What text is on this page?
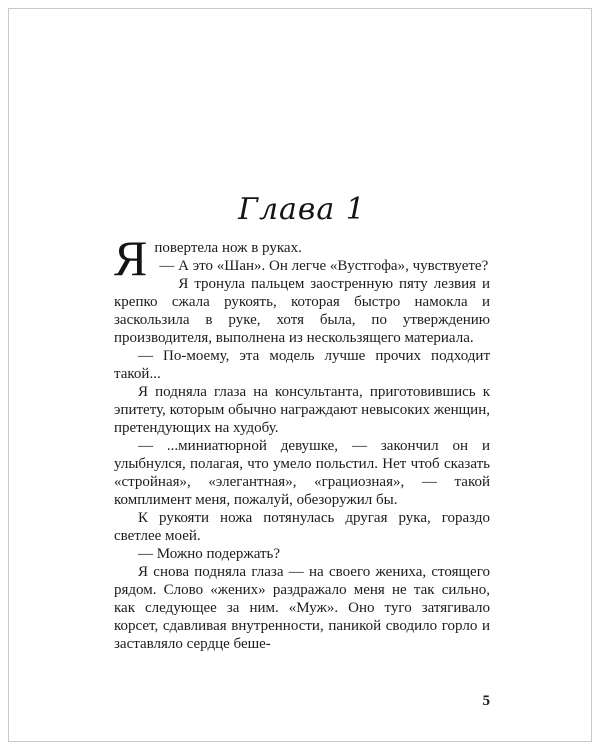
Глава 1

Яповертела нож в руках.

— А это «Шан». Он легче «Вустгофа», чувствуете?

Я тронула пальцем заостренную пяту лезвия и крепко сжала рукоять, которая быстро намокла и заскользила в руке, хотя была, по утверждению производителя, выполнена из нескользящего материала.

— По-моему, эта модель лучше прочих подходит такой...

Я подняла глаза на консультанта, приготовившись к эпитету, которым обычно награждают невысоких женщин, претендующих на худобу.

— ...миниатюрной девушке, — закончил он и улыбнулся, полагая, что умело польстил. Нет чтоб сказать «стройная», «элегантная», «грациозная», — такой комплимент меня, пожалуй, обезоружил бы.

К рукояти ножа потянулась другая рука, гораздо светлее моей.

— Можно подержать?

Я снова подняла глаза — на своего жениха, стоящего рядом. Слово «жених» раздражало меня не так сильно, как следующее за ним. «Муж». Оно туго затягивало корсет, сдавливая внутренности, паникой сводило горло и заставляло сердце беше-

5
